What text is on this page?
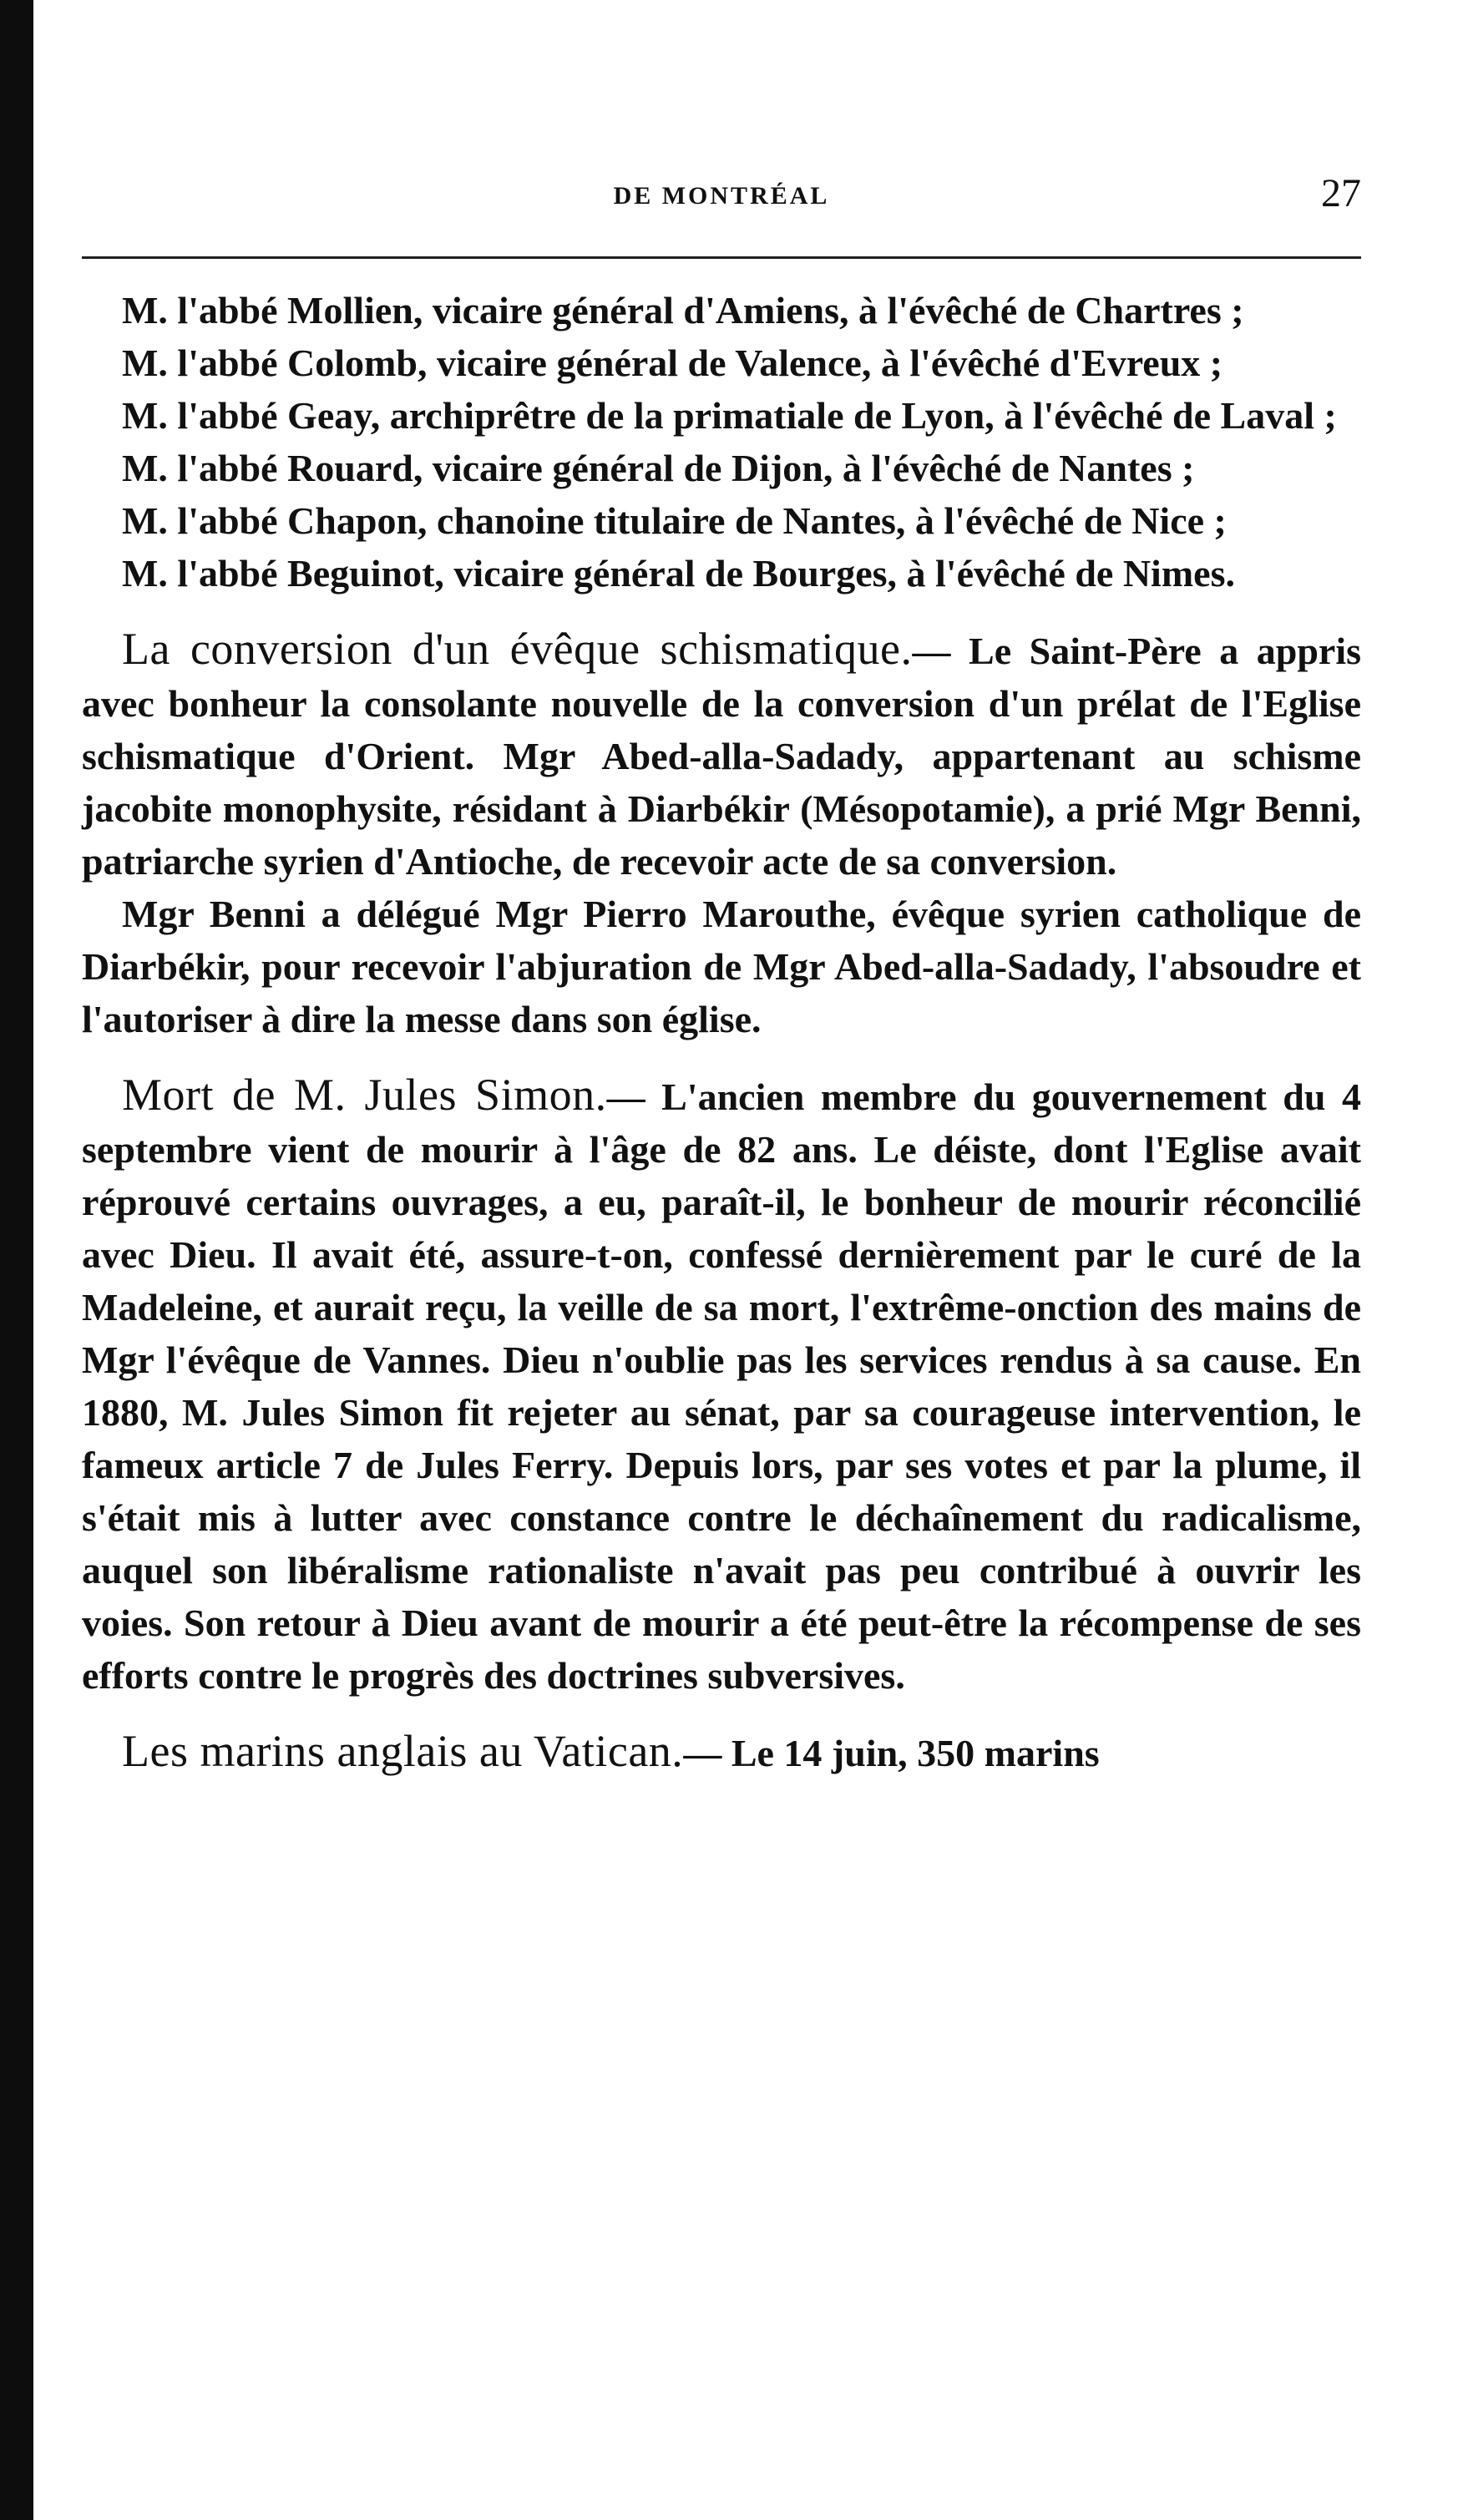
DE MONTRÉAL	27

M. l'abbé Mollien, vicaire général d'Amiens, à l'évêché de Chartres ;

M. l'abbé Colomb, vicaire général de Valence, à l'évêché d'Evreux ;

M. l'abbé Geay, archiprêtre de la primatiale de Lyon, à l'évêché de Laval ;

M. l'abbé Rouard, vicaire général de Dijon, à l'évêché de Nantes ;

M. l'abbé Chapon, chanoine titulaire de Nantes, à l'évêché de Nice ;

M. l'abbé Beguinot, vicaire général de Bourges, à l'évêché de Nimes.

La conversion d'un évêque schismatique.— Le Saint-Père a appris avec bonheur la consolante nouvelle de la conversion d'un prélat de l'Eglise schismatique d'Orient. Mgr Abed-alla-Sadady, appartenant au schisme jacobite monophysite, résidant à Diarbékir (Mésopotamie), a prié Mgr Benni, patriarche syrien d'Antioche, de recevoir acte de sa conversion.

Mgr Benni a délégué Mgr Pierro Marouthe, évêque syrien catholique de Diarbékir, pour recevoir l'abjuration de Mgr Abed-alla-Sadady, l'absoudre et l'autoriser à dire la messe dans son église.

Mort de M. Jules Simon.— L'ancien membre du gouvernement du 4 septembre vient de mourir à l'âge de 82 ans. Le déiste, dont l'Eglise avait réprouvé certains ouvrages, a eu, paraît-il, le bonheur de mourir réconcilié avec Dieu. Il avait été, assure-t-on, confessé dernièrement par le curé de la Madeleine, et aurait reçu, la veille de sa mort, l'extrême-onction des mains de Mgr l'évêque de Vannes. Dieu n'oublie pas les services rendus à sa cause. En 1880, M. Jules Simon fit rejeter au sénat, par sa courageuse intervention, le fameux article 7 de Jules Ferry. Depuis lors, par ses votes et par la plume, il s'était mis à lutter avec constance contre le déchaînement du radicalisme, auquel son libéralisme rationaliste n'avait pas peu contribué à ouvrir les voies. Son retour à Dieu avant de mourir a été peut-être la récompense de ses efforts contre le progrès des doctrines subversives.

Les marins anglais au Vatican.— Le 14 juin, 350 marins
